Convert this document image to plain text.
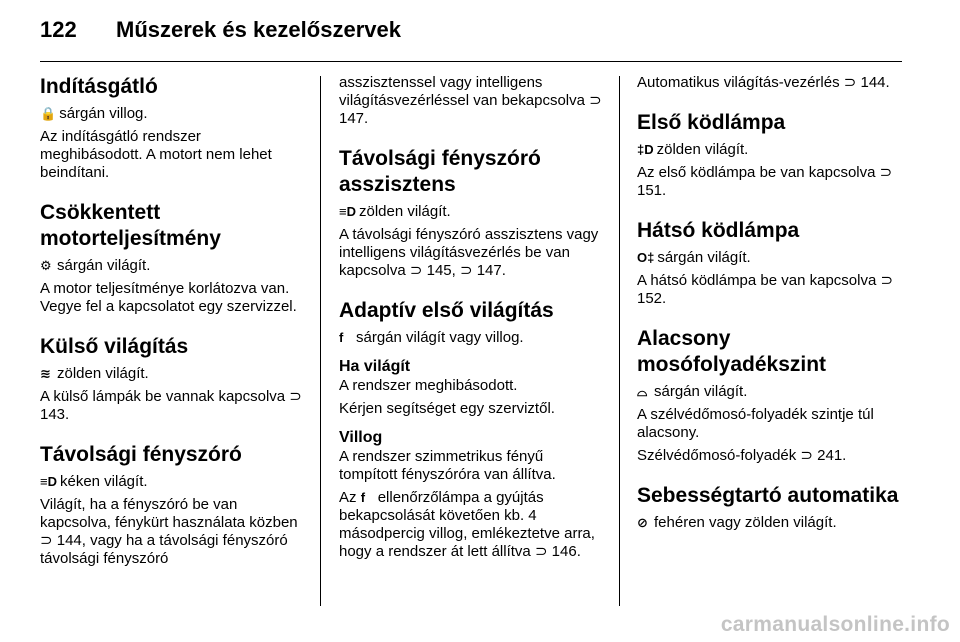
122 Műszerek és kezelőszervek
Indításgátló

🔒 sárgán villog.

Az indításgátló rendszer meghibásodott. A motort nem lehet beindítani.

Csökkentett motorteljesítmény

⚙ sárgán világít.

A motor teljesítménye korlátozva van. Vegye fel a kapcsolatot egy szervizzel.

Külső világítás

≋ zölden világít.

A külső lámpák be vannak kapcsolva ⊃ 143.

Távolsági fényszóró

≡D kéken világít.

Világít, ha a fényszóró be van kapcsolva, fénykürt használata közben ⊃ 144, vagy ha a távolsági fényszóró távolsági fényszóró

asszisztenssel vagy intelligens világításvezérléssel van bekapcsolva ⊃ 147.

Távolsági fényszóró asszisztens

≡D zölden világít.

A távolsági fényszóró asszisztens vagy intelligens világításvezérlés be van kapcsolva ⊃ 145, ⊃ 147.

Adaptív első világítás

f sárgán világít vagy villog.

Ha világít

A rendszer meghibásodott.

Kérjen segítséget egy szerviztől.

Villog

A rendszer szimmetrikus fényű tompított fényszóróra van állítva.

Az f ellenőrzőlámpa a gyújtás bekapcsolását követően kb. 4 másodpercig villog, emlékeztetve arra, hogy a rendszer át lett állítva ⊃ 146.

Automatikus világítás-vezérlés ⊃ 144.

Első ködlámpa

‡D zölden világít.

Az első ködlámpa be van kapcsolva ⊃ 151.

Hátsó ködlámpa

O‡ sárgán világít.

A hátsó ködlámpa be van kapcsolva ⊃ 152.

Alacsony mosófolyadékszint

⌓ sárgán világít.

A szélvédőmosó-folyadék szintje túl alacsony.

Szélvédőmosó-folyadék ⊃ 241.

Sebességtartó automatika

⊘ fehéren vagy zölden világít.

carmanualsonline.info
